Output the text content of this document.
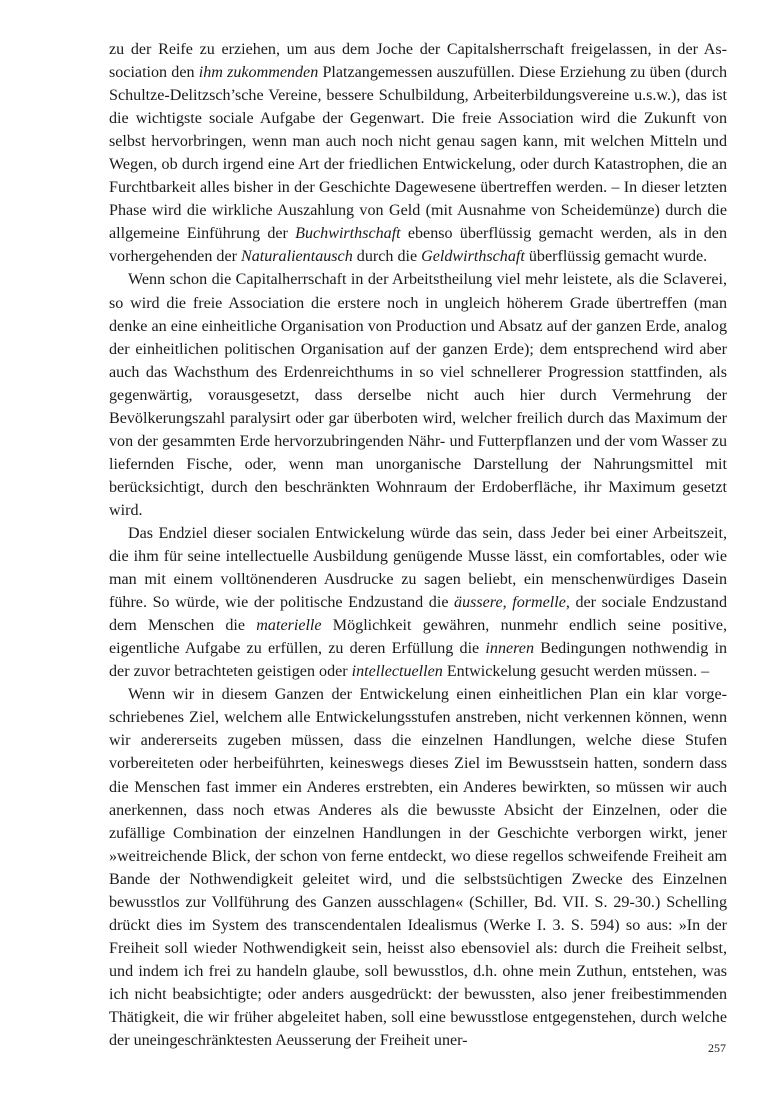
zu der Reife zu erziehen, um aus dem Joche der Capitalsherrschaft freigelassen, in der Association den ihm zukommenden Platzangemessen auszufüllen. Diese Erziehung zu üben (durch Schultze-Delitzsch’sche Vereine, bessere Schulbildung, Arbeiterbildungsvereine u.s.w.), das ist die wichtigste sociale Aufgabe der Gegenwart. Die freie Association wird die Zukunft von selbst hervorbringen, wenn man auch noch nicht genau sagen kann, mit welchen Mitteln und Wegen, ob durch irgend eine Art der friedlichen Entwickelung, oder durch Katastrophen, die an Furchtbarkeit alles bisher in der Geschichte Dagewesene übertreffen werden. – In dieser letzten Phase wird die wirkliche Auszahlung von Geld (mit Ausnahme von Scheidemünze) durch die allgemeine Einführung der Buchwirthschaft ebenso überflüssig gemacht werden, als in den vorhergehenden der Naturalientausch durch die Geldwirthschaft überflüssig gemacht wurde.

Wenn schon die Capitalherrschaft in der Arbeitstheilung viel mehr leistete, als die Sclaverei, so wird die freie Association die erstere noch in ungleich höherem Grade übertreffen (man denke an eine einheitliche Organisation von Production und Absatz auf der ganzen Erde, analog der einheitlichen politischen Organisation auf der ganzen Erde); dem entsprechend wird aber auch das Wachsthum des Erdenreichthums in so viel schnellerer Progression stattfinden, als gegenwärtig, vorausgesetzt, dass derselbe nicht auch hier durch Vermehrung der Bevölkerungszahl paralysirt oder gar überboten wird, welcher freilich durch das Maximum der von der gesammten Erde hervorzubringenden Nähr- und Futterpflanzen und der vom Wasser zu liefernden Fische, oder, wenn man unorganische Darstellung der Nahrungsmittel mit berücksichtigt, durch den beschränkten Wohnraum der Erdoberfläche, ihr Maximum gesetzt wird.

Das Endziel dieser socialen Entwickelung würde das sein, dass Jeder bei einer Arbeitszeit, die ihm für seine intellectuelle Ausbildung genügende Musse lässt, ein comfortables, oder wie man mit einem volltönenderen Ausdrucke zu sagen beliebt, ein menschenwürdiges Dasein führe. So würde, wie der politische Endzustand die äussere, formelle, der sociale Endzustand dem Menschen die materielle Möglichkeit gewähren, nunmehr endlich seine positive, eigentliche Aufgabe zu erfüllen, zu deren Erfüllung die inneren Bedingungen nothwendig in der zuvor betrachteten geistigen oder intellectuellen Entwickelung gesucht werden müssen. –

Wenn wir in diesem Ganzen der Entwickelung einen einheitlichen Plan ein klar vorgeschriebenes Ziel, welchem alle Entwickelungsstufen anstreben, nicht verkennen können, wenn wir andererseits zugeben müssen, dass die einzelnen Handlungen, welche diese Stufen vorbereiteten oder herbeiführten, keineswegs dieses Ziel im Bewusstsein hatten, sondern dass die Menschen fast immer ein Anderes erstrebten, ein Anderes bewirkten, so müssen wir auch anerkennen, dass noch etwas Anderes als die bewusste Absicht der Einzelnen, oder die zufällige Combination der einzelnen Handlungen in der Geschichte verborgen wirkt, jener »weitreichende Blick, der schon von ferne entdeckt, wo diese regellos schweifende Freiheit am Bande der Nothwendigkeit geleitet wird, und die selbstsüchtigen Zwecke des Einzelnen bewusstlos zur Vollführung des Ganzen ausschlagen« (Schiller, Bd. VII. S. 29-30.) Schelling drückt dies im System des transcendentalen Idealismus (Werke I. 3. S. 594) so aus: »In der Freiheit soll wieder Nothwendigkeit sein, heisst also ebensoviel als: durch die Freiheit selbst, und indem ich frei zu handeln glaube, soll bewusstlos, d.h. ohne mein Zuthun, entstehen, was ich nicht beabsichtigte; oder anders ausgedrückt: der bewussten, also jener freibestimmenden Thätigkeit, die wir früher abgeleitet haben, soll eine bewusstlose entgegenstehen, durch welche der uneingeschränktesten Aeusserung der Freiheit uner-	257
